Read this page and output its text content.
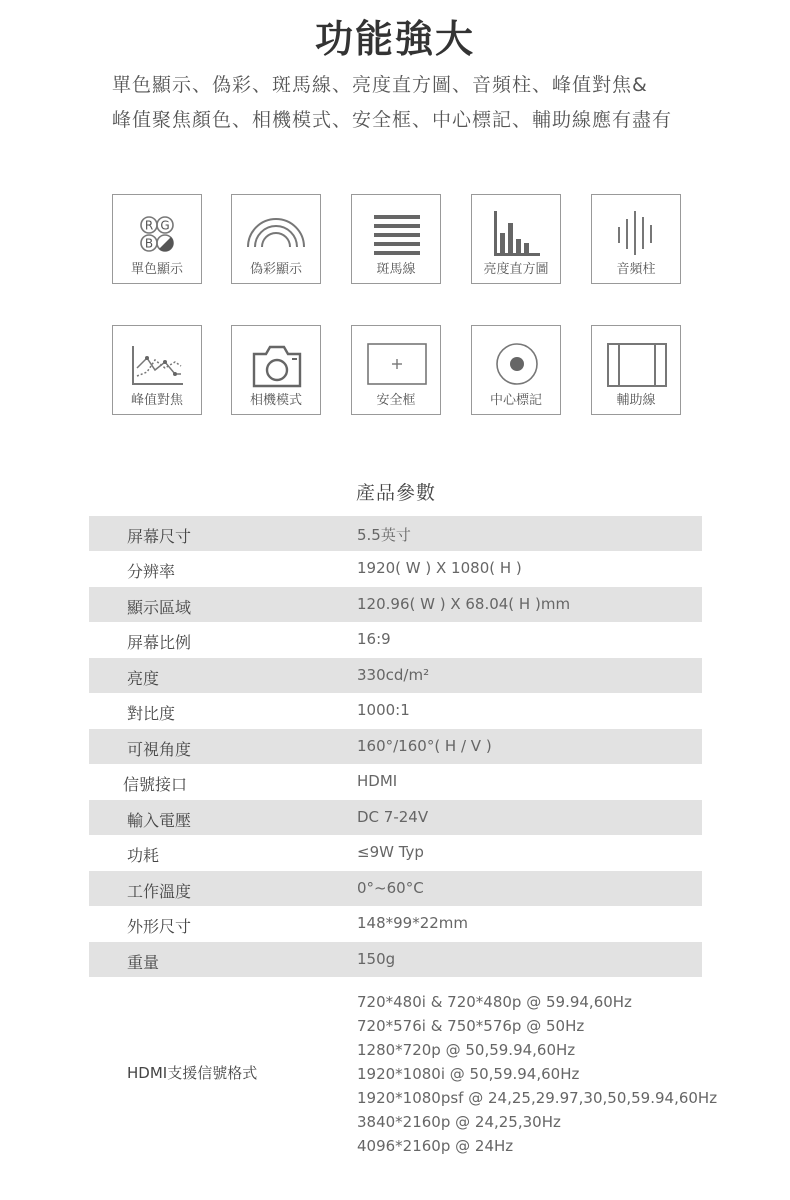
功能強大
單色顯示、偽彩、斑馬線、亮度直方圖、音頻柱、峰值對焦&
峰值聚焦顏色、相機模式、安全框、中心標記、輔助線應有盡有
R G
B
單色顯示	偽彩顯示	斑馬線	亮度直方圖	音頻柱
峰值對焦	相機模式	安全框	中心標記	輔助線
產品參數
屏幕尺寸	5.5英寸
分辨率	1920( W ) X 1080( H )
顯示區域	120.96( W ) X 68.04( H )mm
屏幕比例	16:9
亮度	330cd/m²
對比度	1000:1
可視角度	160°/160°( H / V )
信號接口	HDMI
輸入電壓	DC 7-24V
功耗	≤9W Typ
工作溫度	0°~60°C
外形尺寸	148*99*22mm
重量	150g
HDMI支援信號格式
720*480i & 720*480p @ 59.94,60Hz
720*576i & 750*576p @ 50Hz
1280*720p @ 50,59.94,60Hz
1920*1080i @ 50,59.94,60Hz
1920*1080psf @ 24,25,29.97,30,50,59.94,60Hz
3840*2160p @ 24,25,30Hz
4096*2160p @ 24Hz
